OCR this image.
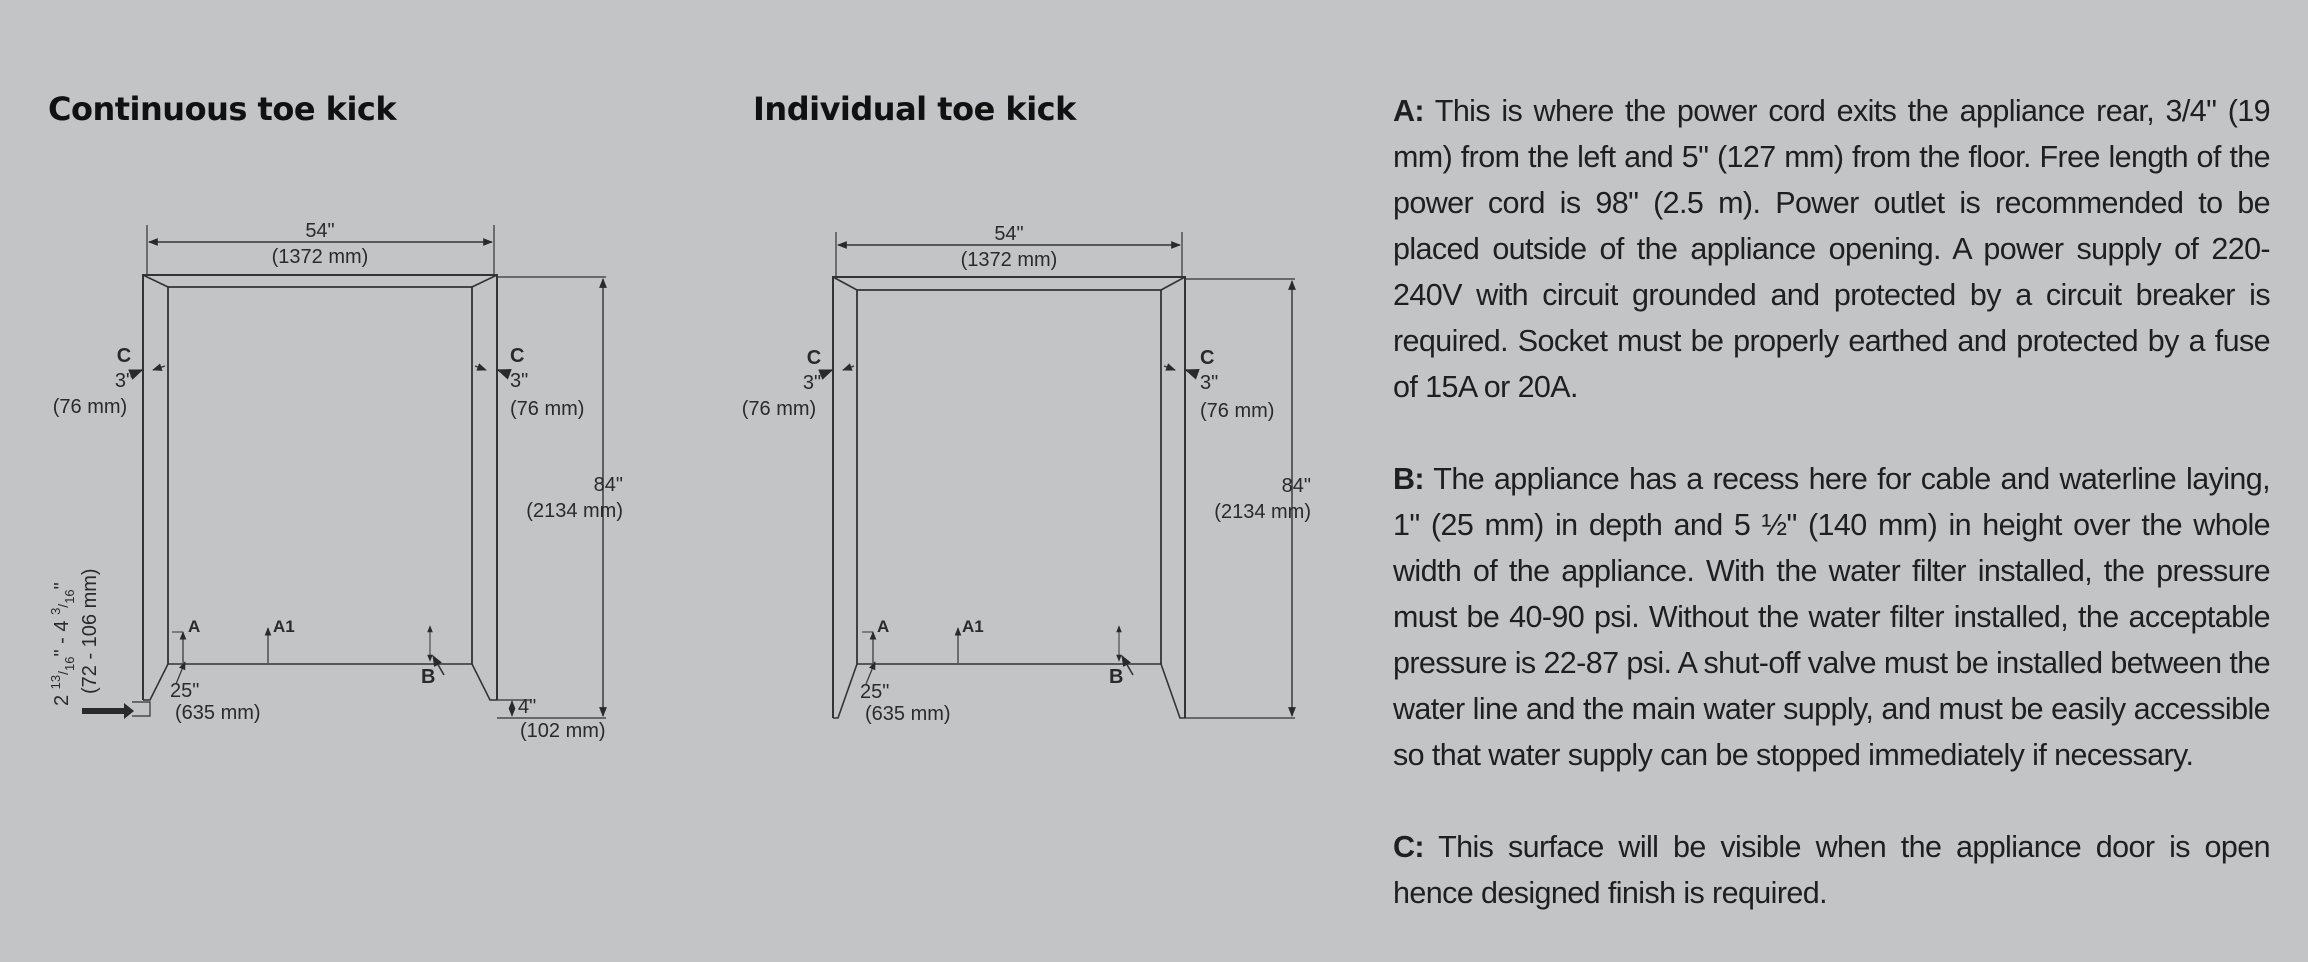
Continuous toe kick	Individual toe kick
54"
(1372 mm)
C
3"
(76 mm)
C
3"
(76 mm)
84"
(2134 mm)
A	A1
B
25"
(635 mm)	4"
(102 mm)
2 $^{13}_{/16}$" - 4 $^3_{/16}$" (72 - 106 mm)
54"
(1372 mm)
C
3"
(76 mm)
C
3"
(76 mm)
84"
(2134 mm)
A	A1
B
25"
(635 mm)

A: This is where the power cord exits the appliance rear, 3/4" (19 mm) from the left and 5" (127 mm) from the floor. Free length of the power cord is 98" (2.5 m). Power outlet is recommended to be placed outside of the appliance opening. A power supply of 220-240V with circuit grounded and protected by a circuit breaker is required. Socket must be properly earthed and protected by a fuse of 15A or 20A.

B: The appliance has a recess here for cable and waterline laying, 1" (25 mm) in depth and 5 ½" (140 mm) in height over the whole width of the appliance. With the water filter installed, the pressure must be 40-90 psi. Without the water filter installed, the acceptable pressure is 22-87 psi. A shut-off valve must be installed between the water line and the main water supply, and must be easily accessible so that water supply can be stopped immediately if necessary.

C: This surface will be visible when the appliance door is open hence designed finish is required.
